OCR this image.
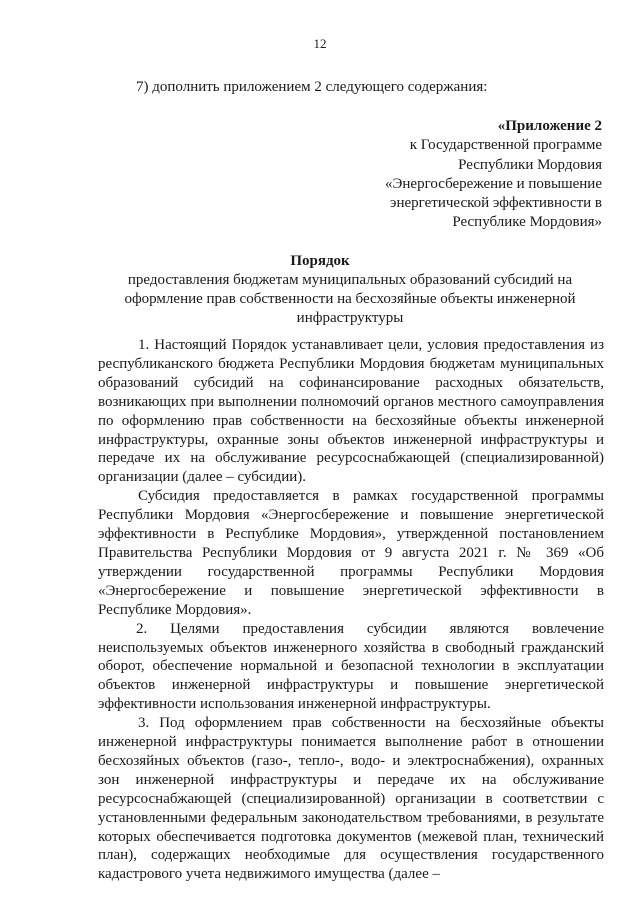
12
7) дополнить приложением 2 следующего содержания:
«Приложение 2
к Государственной программе
Республики Мордовия
«Энергосбережение и повышение
энергетической эффективности в
Республике Мордовия»
Порядок
предоставления бюджетам муниципальных образований субсидий на оформление прав собственности на бесхозяйные объекты инженерной инфраструктуры

1. Настоящий Порядок устанавливает цели, условия предоставления из республиканского бюджета Республики Мордовия бюджетам муниципальных образований субсидий на софинансирование расходных обязательств, возникающих при выполнении полномочий органов местного самоуправления по оформлению прав собственности на бесхозяйные объекты инженерной инфраструктуры, охранные зоны объектов инженерной инфраструктуры и передаче их на обслуживание ресурсоснабжающей (специализированной) организации (далее – субсидии).

Субсидия предоставляется в рамках государственной программы Республики Мордовия «Энергосбережение и повышение энергетической эффективности в Республике Мордовия», утвержденной постановлением Правительства Республики Мордовия от 9 августа 2021 г. № 369 «Об утверждении государственной программы Республики Мордовия «Энергосбережение и повышение энергетической эффективности в Республике Мордовия».

2. Целями предоставления субсидии являются вовлечение неиспользуемых объектов инженерного хозяйства в свободный гражданский оборот, обеспечение нормальной и безопасной технологии в эксплуатации объектов инженерной инфраструктуры и повышение энергетической эффективности использования инженерной инфраструктуры.

3. Под оформлением прав собственности на бесхозяйные объекты инженерной инфраструктуры понимается выполнение работ в отношении бесхозяйных объектов (газо-, тепло-, водо- и электроснабжения), охранных зон инженерной инфраструктуры и передаче их на обслуживание ресурсоснабжающей (специализированной) организации в соответствии с установленными федеральным законодательством требованиями, в результате которых обеспечивается подготовка документов (межевой план, технический план), содержащих необходимые для осуществления государственного кадастрового учета недвижимого имущества (далее –
